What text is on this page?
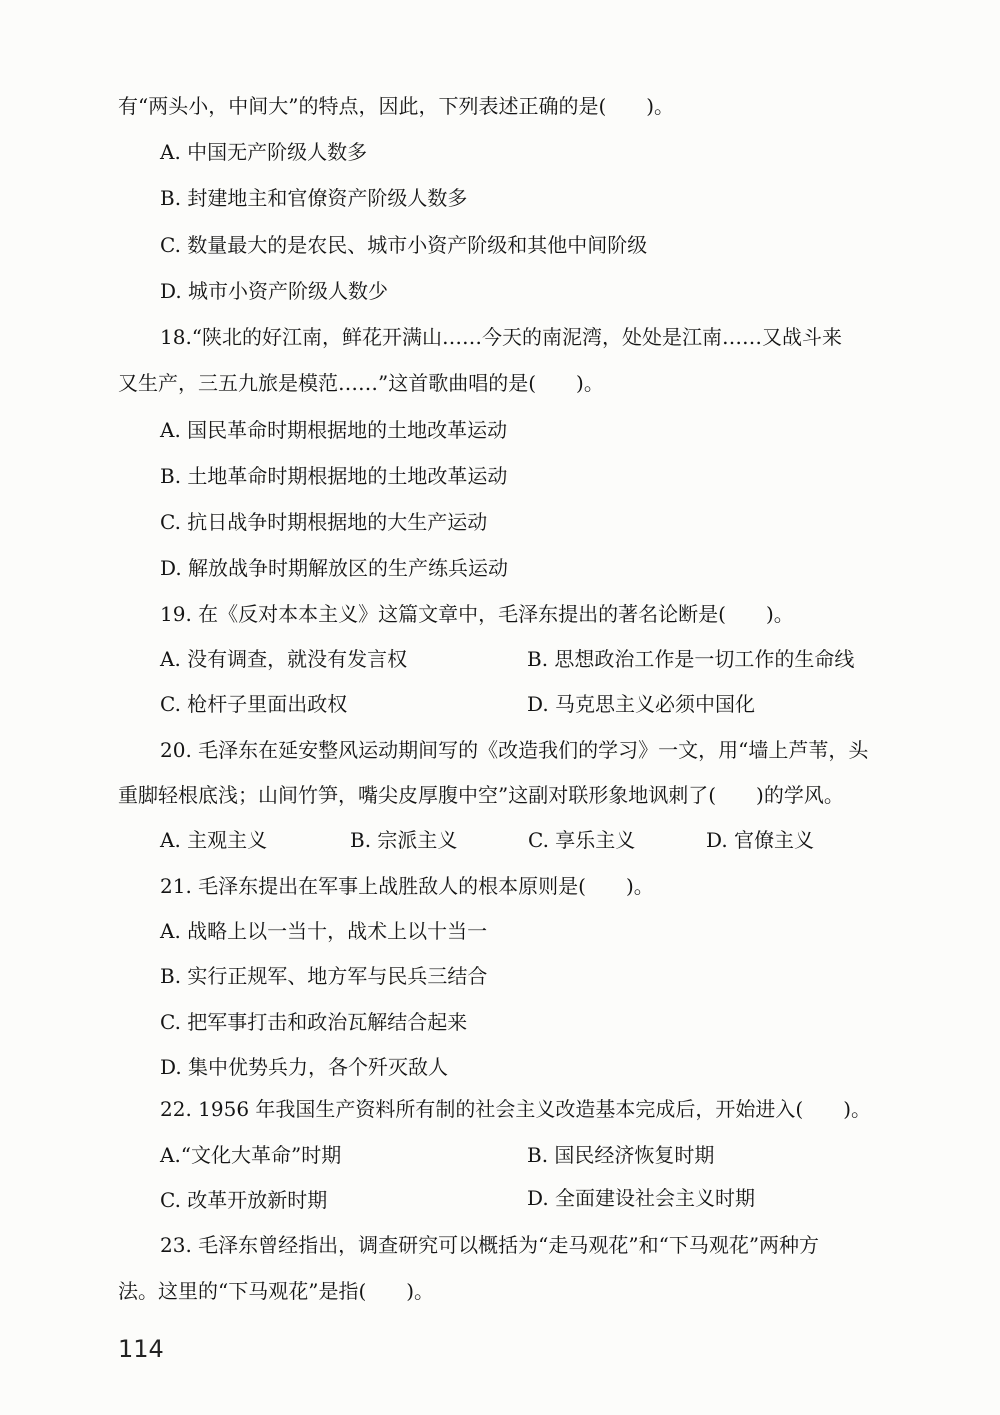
有“两头小，中间大”的特点，因此，下列表述正确的是(　　)。
A. 中国无产阶级人数多
B. 封建地主和官僚资产阶级人数多
C. 数量最大的是农民、城市小资产阶级和其他中间阶级
D. 城市小资产阶级人数少
18.“陕北的好江南，鲜花开满山……今天的南泥湾，处处是江南……又战斗来
又生产，三五九旅是模范……”这首歌曲唱的是(　　)。
A. 国民革命时期根据地的土地改革运动
B. 土地革命时期根据地的土地改革运动
C. 抗日战争时期根据地的大生产运动
D. 解放战争时期解放区的生产练兵运动
19. 在《反对本本主义》这篇文章中，毛泽东提出的著名论断是(　　)。
A. 没有调查，就没有发言权	B. 思想政治工作是一切工作的生命线
C. 枪杆子里面出政权	D. 马克思主义必须中国化
20. 毛泽东在延安整风运动期间写的《改造我们的学习》一文，用“墙上芦苇，头
重脚轻根底浅；山间竹笋，嘴尖皮厚腹中空”这副对联形象地讽刺了(　　)的学风。
A. 主观主义	B. 宗派主义	C. 享乐主义	D. 官僚主义
21. 毛泽东提出在军事上战胜敌人的根本原则是(　　)。
A. 战略上以一当十，战术上以十当一
B. 实行正规军、地方军与民兵三结合
C. 把军事打击和政治瓦解结合起来
D. 集中优势兵力，各个歼灭敌人
22. 1956 年我国生产资料所有制的社会主义改造基本完成后，开始进入(　　)。
A.“文化大革命”时期	B. 国民经济恢复时期
C. 改革开放新时期	D. 全面建设社会主义时期
23. 毛泽东曾经指出，调查研究可以概括为“走马观花”和“下马观花”两种方
法。这里的“下马观花”是指(　　)。
114
